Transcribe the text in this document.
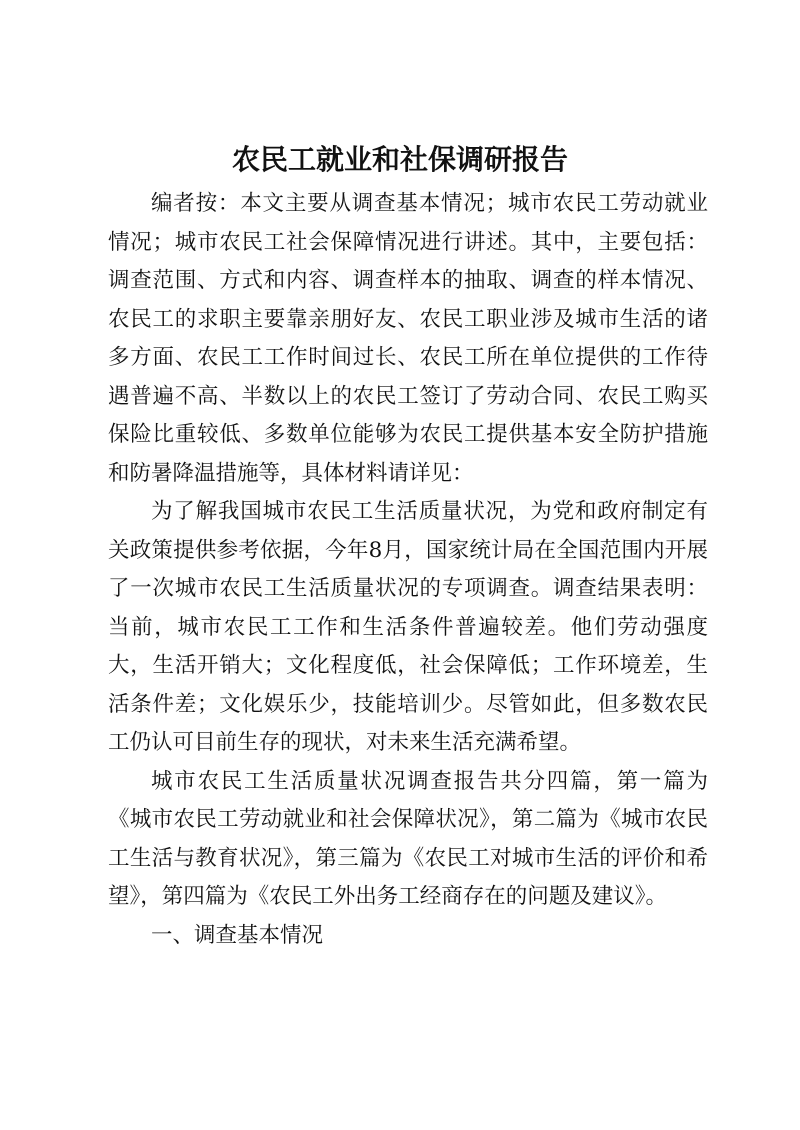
农民工就业和社保调研报告

编者按：本文主要从调查基本情况；城市农民工劳动就业情况；城市农民工社会保障情况进行讲述。其中，主要包括：调查范围、方式和内容、调查样本的抽取、调查的样本情况、农民工的求职主要靠亲朋好友、农民工职业涉及城市生活的诸多方面、农民工工作时间过长、农民工所在单位提供的工作待遇普遍不高、半数以上的农民工签订了劳动合同、农民工购买保险比重较低、多数单位能够为农民工提供基本安全防护措施和防暑降温措施等，具体材料请详见：

为了解我国城市农民工生活质量状况，为党和政府制定有关政策提供参考依据，今年8月，国家统计局在全国范围内开展了一次城市农民工生活质量状况的专项调查。调查结果表明：当前，城市农民工工作和生活条件普遍较差。他们劳动强度大，生活开销大；文化程度低，社会保障低；工作环境差，生活条件差；文化娱乐少，技能培训少。尽管如此，但多数农民工仍认可目前生存的现状，对未来生活充满希望。

城市农民工生活质量状况调查报告共分四篇，第一篇为《城市农民工劳动就业和社会保障状况》，第二篇为《城市农民工生活与教育状况》，第三篇为《农民工对城市生活的评价和希望》，第四篇为《农民工外出务工经商存在的问题及建议》。

一、调查基本情况
